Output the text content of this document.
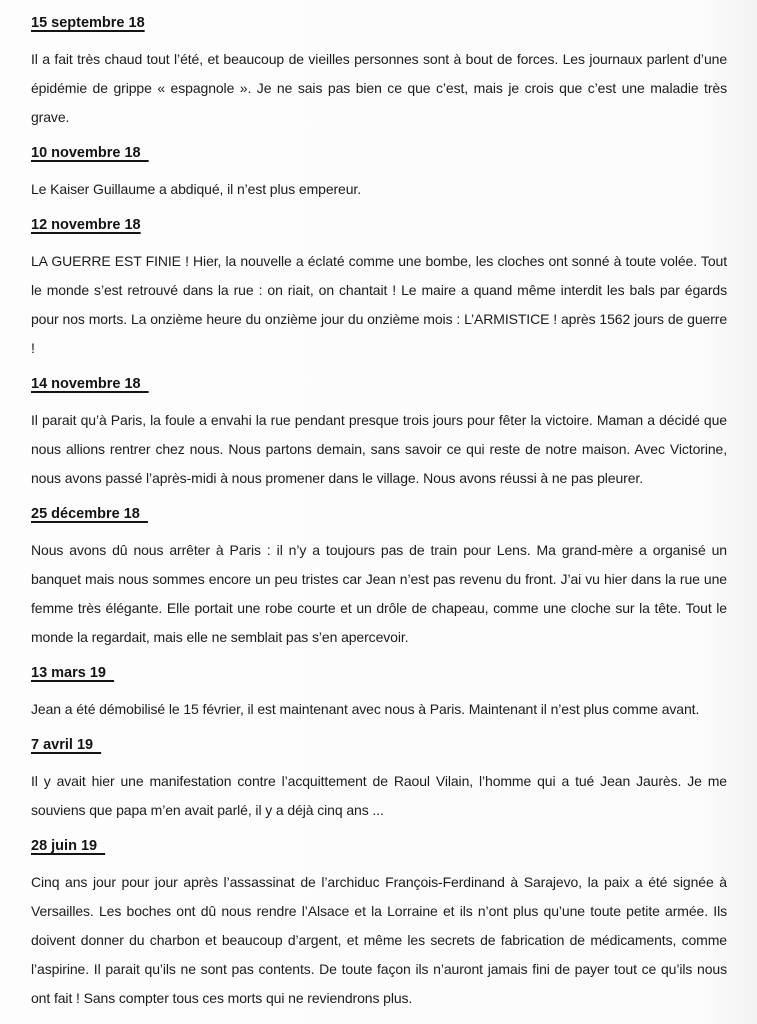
15 septembre 18

Il a fait très chaud tout l’été, et beaucoup de vieilles personnes sont à bout de forces. Les journaux parlent d’une épidémie de grippe « espagnole ». Je ne sais pas bien ce que c’est, mais je crois que c’est une maladie très grave.

10 novembre 18

Le Kaiser Guillaume a abdiqué, il n’est plus empereur.

12 novembre 18

LA GUERRE EST FINIE ! Hier, la nouvelle a éclaté comme une bombe, les cloches ont sonné à toute volée. Tout le monde s’est retrouvé dans la rue : on riait, on chantait ! Le maire a quand même interdit les bals par égards pour nos morts. La onzième heure du onzième jour du onzième mois : L’ARMISTICE ! après 1562 jours de guerre !

14 novembre 18

Il parait qu’à Paris, la foule a envahi la rue pendant presque trois jours pour fêter la victoire. Maman a décidé que nous allions rentrer chez nous. Nous partons demain, sans savoir ce qui reste de notre maison. Avec Victorine, nous avons passé l’après-midi à nous promener dans le village. Nous avons réussi à ne pas pleurer.

25 décembre 18

Nous avons dû nous arrêter à Paris : il n’y a toujours pas de train pour Lens. Ma grand-mère a organisé un banquet mais nous sommes encore un peu tristes car Jean n’est pas revenu du front. J’ai vu hier dans la rue une femme très élégante. Elle portait une robe courte et un drôle de chapeau, comme une cloche sur la tête. Tout le monde la regardait, mais elle ne semblait pas s’en apercevoir.

13 mars 19

Jean a été démobilisé le 15 février, il est maintenant avec nous à Paris. Maintenant il n’est plus comme avant.

7 avril 19

Il y avait hier une manifestation contre l’acquittement de Raoul Vilain, l’homme qui a tué Jean Jaurès. Je me souviens que papa m’en avait parlé, il y a déjà cinq ans ...

28 juin 19

Cinq ans jour pour jour après l’assassinat de l’archiduc François-Ferdinand à Sarajevo, la paix a été signée à Versailles. Les boches ont dû nous rendre l’Alsace et la Lorraine et ils n’ont plus qu’une toute petite armée. Ils doivent donner du charbon et beaucoup d’argent, et même les secrets de fabrication de médicaments, comme l’aspirine. Il parait qu’ils ne sont pas contents. De toute façon ils n’auront jamais fini de payer tout ce qu’ils nous ont fait ! Sans compter tous ces morts qui ne reviendrons plus.
